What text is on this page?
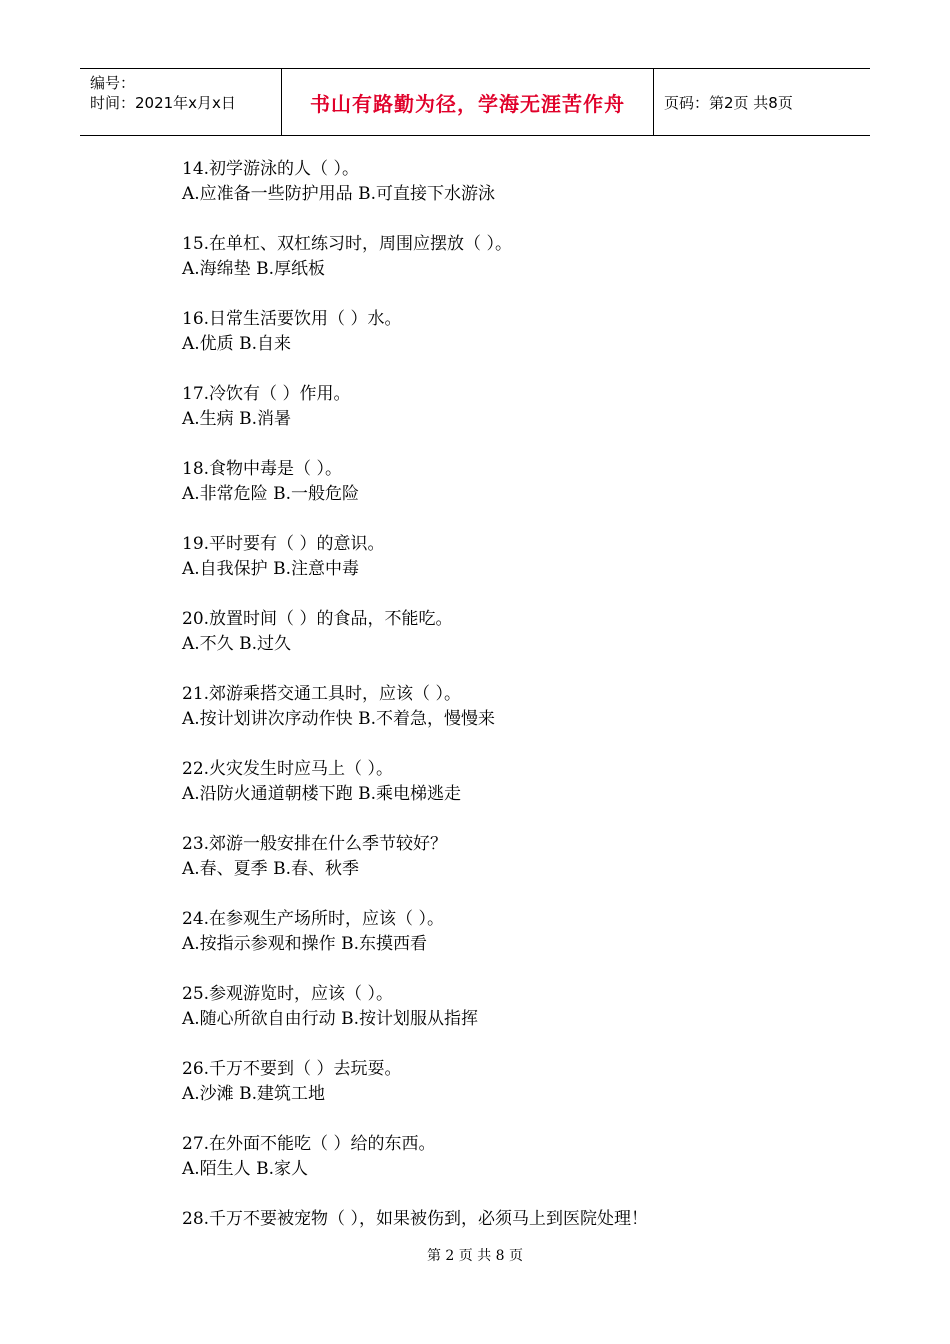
编号：
时间：2021年x月x日	书山有路勤为径，学海无涯苦作舟	页码：第2页 共8页
14.初学游泳的人（ ）。
A.应准备一些防护用品 B.可直接下水游泳
15.在单杠、双杠练习时，周围应摆放（ ）。
A.海绵垫 B.厚纸板
16.日常生活要饮用（ ）水。
A.优质 B.自来
17.冷饮有（ ）作用。
A.生病 B.消暑
18.食物中毒是（ ）。
A.非常危险 B.一般危险
19.平时要有（ ）的意识。
A.自我保护 B.注意中毒
20.放置时间（ ）的食品，不能吃。
A.不久 B.过久
21.郊游乘搭交通工具时，应该（ ）。
A.按计划讲次序动作快 B.不着急，慢慢来
22.火灾发生时应马上（ ）。
A.沿防火通道朝楼下跑 B.乘电梯逃走
23.郊游一般安排在什么季节较好？
A.春、夏季 B.春、秋季
24.在参观生产场所时，应该（ ）。
A.按指示参观和操作 B.东摸西看
25.参观游览时，应该（ ）。
A.随心所欲自由行动 B.按计划服从指挥
26.千万不要到（ ）去玩耍。
A.沙滩 B.建筑工地
27.在外面不能吃（ ）给的东西。
A.陌生人 B.家人
28.千万不要被宠物（ ），如果被伤到，必须马上到医院处理！
第 2 页 共 8 页
